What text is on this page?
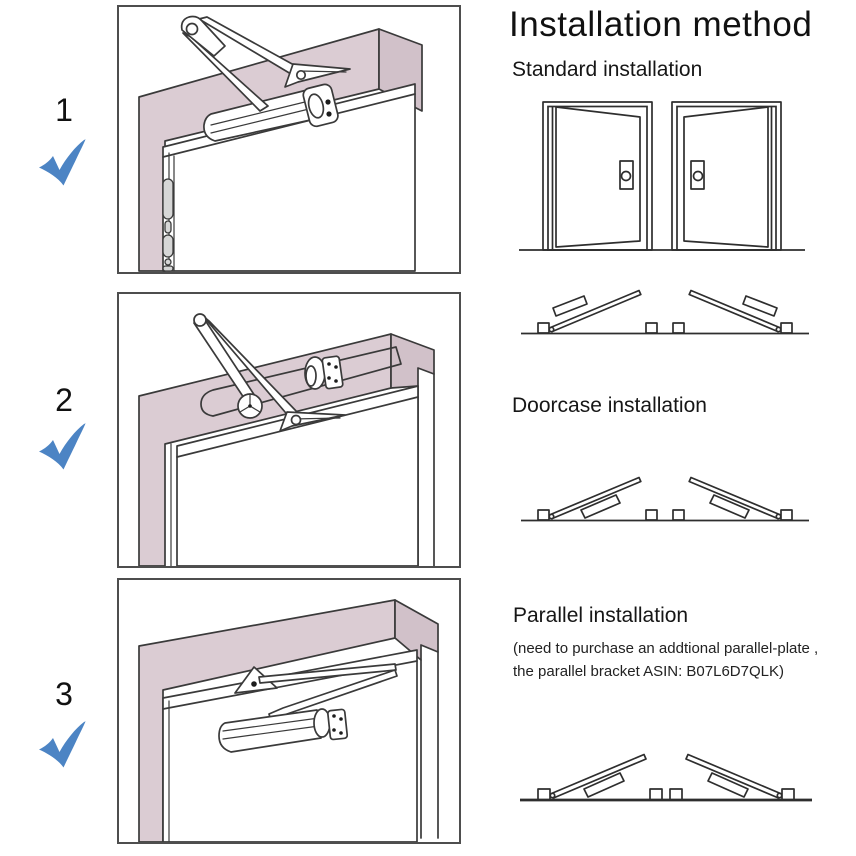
1
2
3
Installation method
Standard installation
Doorcase installation
Parallel installation
(need to purchase an addtional parallel-plate ,
the parallel bracket ASIN: B07L6D7QLK)
